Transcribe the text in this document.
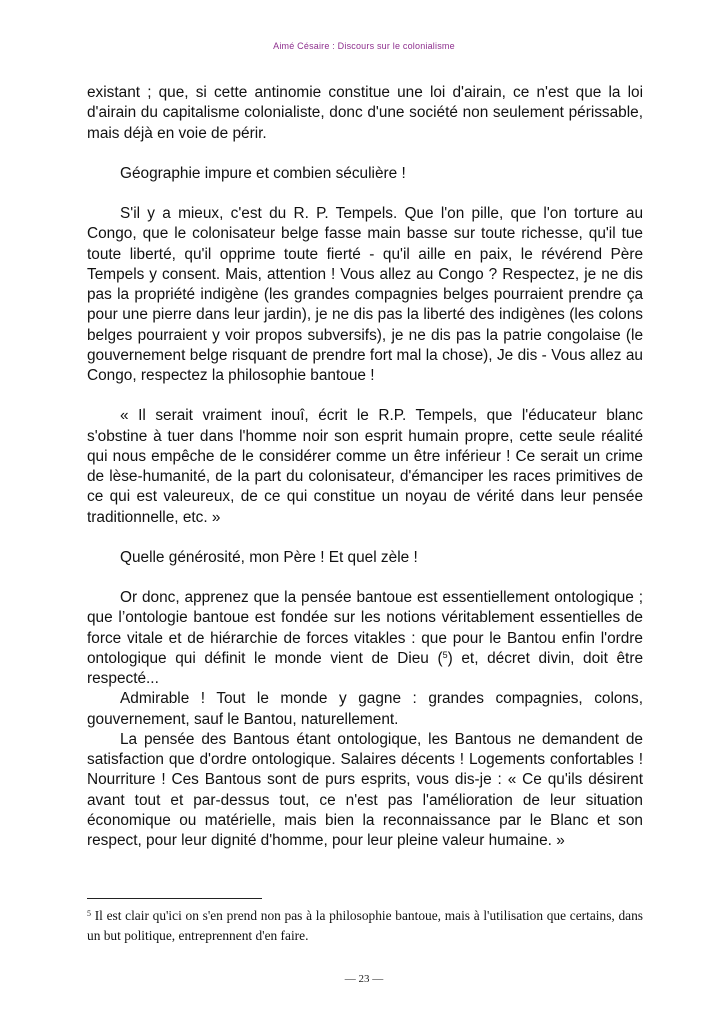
Aimé Césaire : Discours sur le colonialisme

existant ; que, si cette antinomie constitue une loi d'airain, ce n'est que la loi d'airain du capitalisme colonialiste, donc d'une société non seulement périssable, mais déjà en voie de périr.

Géographie impure et combien séculière !

S'il y a mieux, c'est du R. P. Tempels. Que l'on pille, que l'on torture au Congo, que le colonisateur belge fasse main basse sur toute richesse, qu'il tue toute liberté, qu'il opprime toute fierté - qu'il aille en paix, le révérend Père Tempels y consent. Mais, attention ! Vous allez au Congo ? Respectez, je ne dis pas la propriété indigène (les grandes compagnies belges pourraient prendre ça pour une pierre dans leur jardin), je ne dis pas la liberté des indigènes (les colons belges pourraient y voir propos subversifs), je ne dis pas la patrie congolaise (le gouvernement belge risquant de prendre fort mal la chose), Je dis - Vous allez au Congo, respectez la philosophie bantoue !

« Il serait vraiment inouî, écrit le R.P. Tempels, que l'éducateur blanc s'obstine à tuer dans l'homme noir son esprit humain propre, cette seule réalité qui nous empêche de le considérer comme un être inférieur ! Ce serait un crime de lèse-humanité, de la part du colonisateur, d'émanciper les races primitives de ce qui est valeureux, de ce qui constitue un noyau de vérité dans leur pensée traditionnelle, etc. »

Quelle générosité, mon Père ! Et quel zèle !

Or donc, apprenez que la pensée bantoue est essentiellement ontologique ; que l’ontologie bantoue est fondée sur les notions véritablement essentielles de force vitale et de hiérarchie de forces vitakles : que pour le Bantou enfin l'ordre ontologique qui définit le monde vient de Dieu ($^5$) et, décret divin, doit être respecté...

Admirable ! Tout le monde y gagne : grandes compagnies, colons, gouvernement, sauf le Bantou, naturellement.

La pensée des Bantous étant ontologique, les Bantous ne demandent de satisfaction que d'ordre ontologique. Salaires décents ! Logements confortables ! Nourriture ! Ces Bantous sont de purs esprits, vous dis-je : « Ce qu'ils désirent avant tout et par-dessus tout, ce n'est pas l'amélioration de leur situation économique ou matérielle, mais bien la reconnaissance par le Blanc et son respect, pour leur dignité d'homme, pour leur pleine valeur humaine. »

$^5$ Il est clair qu'ici on s'en prend non pas à la philosophie bantoue, mais à l'utilisation que certains, dans un but politique, entreprennent d'en faire.
— 23 —
